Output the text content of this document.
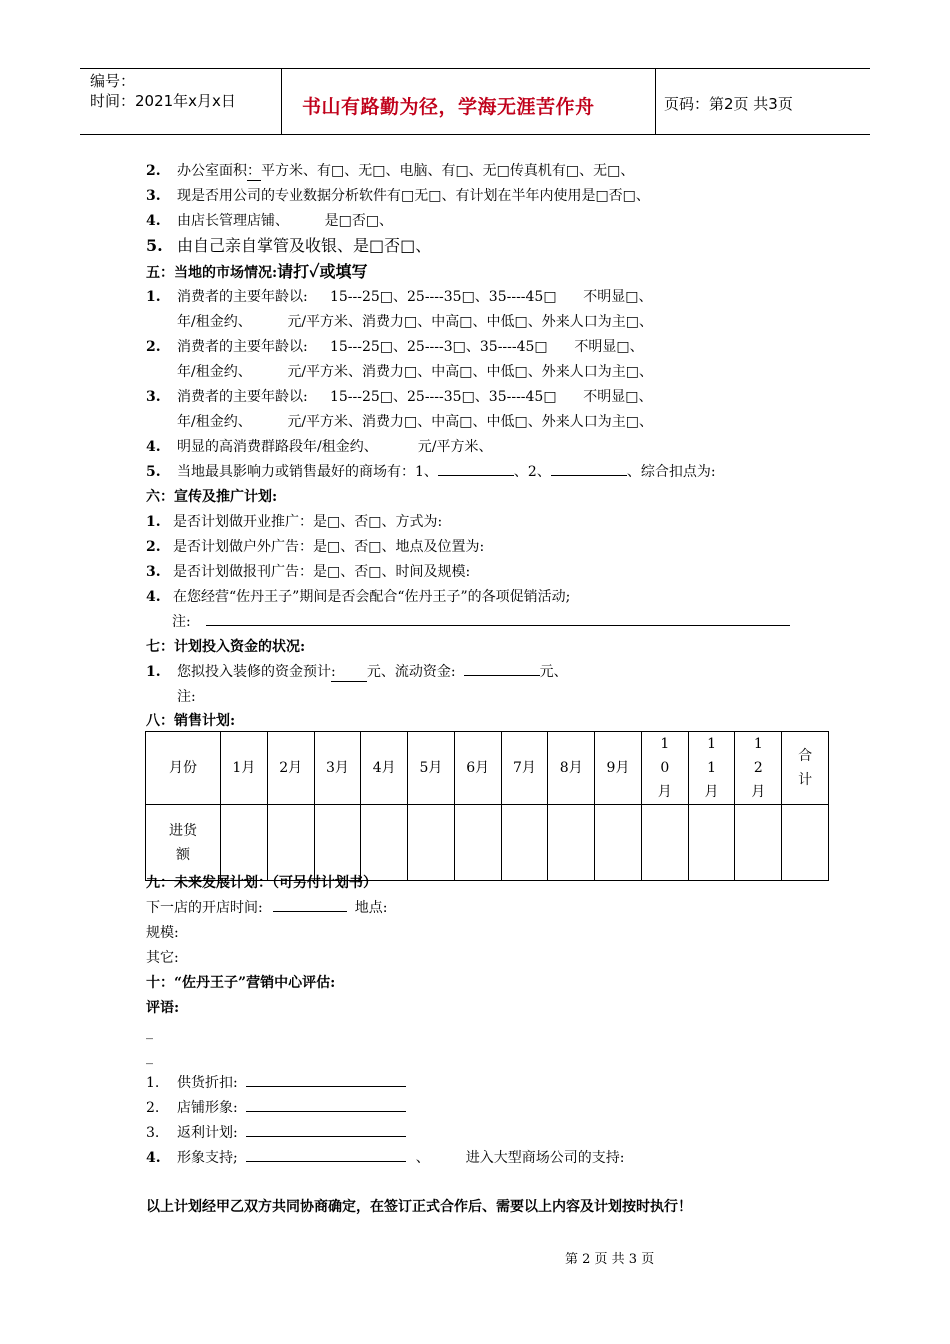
编号：
时间：2021年x月x日	书山有路勤为径，学海无涯苦作舟	页码：第2页 共3页
2. 办公室面积：平方米、有□、无□、电脑、有□、无□传真机有□、无□、
3. 现是否用公司的专业数据分析软件有□无□、有计划在半年内使用是□否□、
4. 由店长管理店铺、        是□否□、
5. 由自己亲自掌管及收银、是□否□、
五：当地的市场情况:请打✓或填写
1. 消费者的主要年龄以:     15---25□、25----35□、35----45□      不明显□、
年/租金约、        元/平方米、消费力□、中高□、中低□、外来人口为主□、
2. 消费者的主要年龄以:     15---25□、25----3□、35----45□      不明显□、
年/租金约、        元/平方米、消费力□、中高□、中低□、外来人口为主□、
3. 消费者的主要年龄以:     15---25□、25----35□、35----45□      不明显□、
年/租金约、        元/平方米、消费力□、中高□、中低□、外来人口为主□、
4. 明显的高消费群路段年/租金约、         元/平方米、
5. 当地最具影响力或销售最好的商场有：1、	、2、	、综合扣点为:
六：宣传及推广计划:
1. 是否计划做开业推广：是□、否□、方式为:
2. 是否计划做户外广告：是□、否□、地点及位置为:
3. 是否计划做报刊广告：是□、否□、时间及规模:
4. 在您经营“佐丹王子”期间是否会配合“佐丹王子”的各项促销活动;
注:
七：计划投入资金的状况:
1. 您拟投入装修的资金预计:       元、流动资金:	元、
注:
八：销售计划:
月份	1月	2月	3月	4月	5月	6月	7月	8月	9月	10月	11月	12月	合计
进货额													
九：未来发展计划：（可另付计划书）
下一店的开店时间:	地点:
规模:
其它:
十：“佐丹王子”营销中心评估:
评语:
_
_
1. 供货折扣:
2. 店铺形象:
3. 返利计划:
4. 形象支持;	、	进入大型商场公司的支持:
以上计划经甲乙双方共同协商确定，在签订正式合作后、需要以上内容及计划按时执行！
第 2 页 共 3 页
